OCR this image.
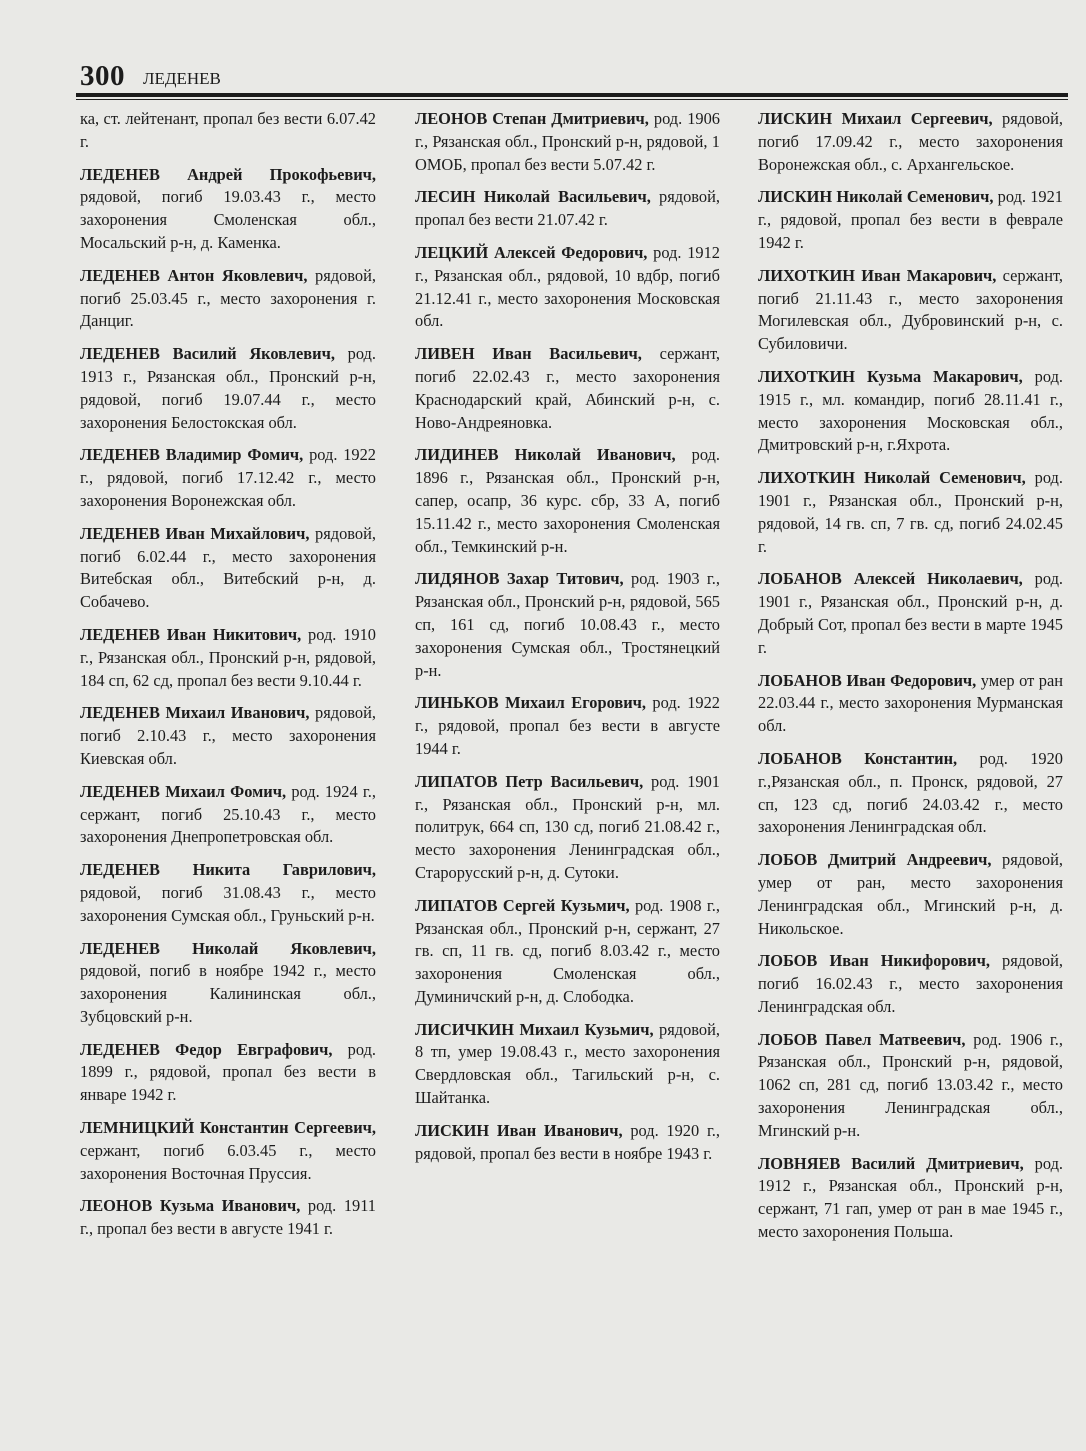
300 ЛЕДЕНЕВ

ка, ст. лейтенант, пропал без вести 6.07.42 г.

ЛЕДЕНЕВ Андрей Прокофьевич, рядовой, погиб 19.03.43 г., место захоронения Смоленская обл., Мосальский р-н, д. Каменка.

ЛЕДЕНЕВ Антон Яковлевич, рядовой, погиб 25.03.45 г., место захоронения г. Данциг.

ЛЕДЕНЕВ Василий Яковлевич, род. 1913 г., Рязанская обл., Пронский р-н, рядовой, погиб 19.07.44 г., место захоронения Белостокская обл.

ЛЕДЕНЕВ Владимир Фомич, род. 1922 г., рядовой, погиб 17.12.42 г., место захоронения Воронежская обл.

ЛЕДЕНЕВ Иван Михайлович, рядовой, погиб 6.02.44 г., место захоронения Витебская обл., Витебский р-н, д. Собачево.

ЛЕДЕНЕВ Иван Никитович, род. 1910 г., Рязанская обл., Пронский р-н, рядовой, 184 сп, 62 сд, пропал без вести 9.10.44 г.

ЛЕДЕНЕВ Михаил Иванович, рядовой, погиб 2.10.43 г., место захоронения Киевская обл.

ЛЕДЕНЕВ Михаил Фомич, род. 1924 г., сержант, погиб 25.10.43 г., место захоронения Днепропетровская обл.

ЛЕДЕНЕВ Никита Гаврилович, рядовой, погиб 31.08.43 г., место захоронения Сумская обл., Груньский р-н.

ЛЕДЕНЕВ Николай Яковлевич, рядовой, погиб в ноябре 1942 г., место захоронения Калининская обл., Зубцовский р-н.

ЛЕДЕНЕВ Федор Евграфович, род. 1899 г., рядовой, пропал без вести в январе 1942 г.

ЛЕМНИЦКИЙ Константин Сергеевич, сержант, погиб 6.03.45 г., место захоронения Восточная Пруссия.

ЛЕОНОВ Кузьма Иванович, род. 1911 г., пропал без вести в августе 1941 г.

ЛЕОНОВ Степан Дмитриевич, род. 1906 г., Рязанская обл., Пронский р-н, рядовой, 1 ОМОБ, пропал без вести 5.07.42 г.

ЛЕСИН Николай Васильевич, рядовой, пропал без вести 21.07.42 г.

ЛЕЦКИЙ Алексей Федорович, род. 1912 г., Рязанская обл., рядовой, 10 вдбр, погиб 21.12.41 г., место захоронения Московская обл.

ЛИВЕН Иван Васильевич, сержант, погиб 22.02.43 г., место захоронения Краснодарский край, Абинский р-н, с. Ново-Андреяновка.

ЛИДИНЕВ Николай Иванович, род. 1896 г., Рязанская обл., Пронский р-н, сапер, осапр, 36 курс. сбр, 33 А, погиб 15.11.42 г., место захоронения Смоленская обл., Темкинский р-н.

ЛИДЯНОВ Захар Титович, род. 1903 г., Рязанская обл., Пронский р-н, рядовой, 565 сп, 161 сд, погиб 10.08.43 г., место захоронения Сумская обл., Тростянецкий р-н.

ЛИНЬКОВ Михаил Егорович, род. 1922 г., рядовой, пропал без вести в августе 1944 г.

ЛИПАТОВ Петр Васильевич, род. 1901 г., Рязанская обл., Пронский р-н, мл. политрук, 664 сп, 130 сд, погиб 21.08.42 г., место захоронения Ленинградская обл., Старорусский р-н, д. Сутоки.

ЛИПАТОВ Сергей Кузьмич, род. 1908 г., Рязанская обл., Пронский р-н, сержант, 27 гв. сп, 11 гв. сд, погиб 8.03.42 г., место захоронения Смоленская обл., Думиничский р-н, д. Слободка.

ЛИСИЧКИН Михаил Кузьмич, рядовой, 8 тп, умер 19.08.43 г., место захоронения Свердловская обл., Тагильский р-н, с. Шайтанка.

ЛИСКИН Иван Иванович, род. 1920 г., рядовой, пропал без вести в ноябре 1943 г.

ЛИСКИН Михаил Сергеевич, рядовой, погиб 17.09.42 г., место захоронения Воронежская обл., с. Архангельское.

ЛИСКИН Николай Семенович, род. 1921 г., рядовой, пропал без вести в феврале 1942 г.

ЛИХОТКИН Иван Макарович, сержант, погиб 21.11.43 г., место захоронения Могилевская обл., Дубровинский р-н, с. Субиловичи.

ЛИХОТКИН Кузьма Макарович, род. 1915 г., мл. командир, погиб 28.11.41 г., место захоронения Московская обл., Дмитровский р-н, г.Яхрота.

ЛИХОТКИН Николай Семенович, род. 1901 г., Рязанская обл., Пронский р-н, рядовой, 14 гв. сп, 7 гв. сд, погиб 24.02.45 г.

ЛОБАНОВ Алексей Николаевич, род. 1901 г., Рязанская обл., Пронский р-н, д. Добрый Сот, пропал без вести в марте 1945 г.

ЛОБАНОВ Иван Федорович, умер от ран 22.03.44 г., место захоронения Мурманская обл.

ЛОБАНОВ Константин, род. 1920 г.,Рязанская обл., п. Пронск, рядовой, 27 сп, 123 сд, погиб 24.03.42 г., место захоронения Ленинградская обл.

ЛОБОВ Дмитрий Андреевич, рядовой, умер от ран, место захоронения Ленинградская обл., Мгинский р-н, д. Никольское.

ЛОБОВ Иван Никифорович, рядовой, погиб 16.02.43 г., место захоронения Ленинградская обл.

ЛОБОВ Павел Матвеевич, род. 1906 г., Рязанская обл., Пронский р-н, рядовой, 1062 сп, 281 сд, погиб 13.03.42 г., место захоронения Ленинградская обл., Мгинский р-н.

ЛОВНЯЕВ Василий Дмитриевич, род. 1912 г., Рязанская обл., Пронский р-н, сержант, 71 гап, умер от ран в мае 1945 г., место захоронения Польша.
